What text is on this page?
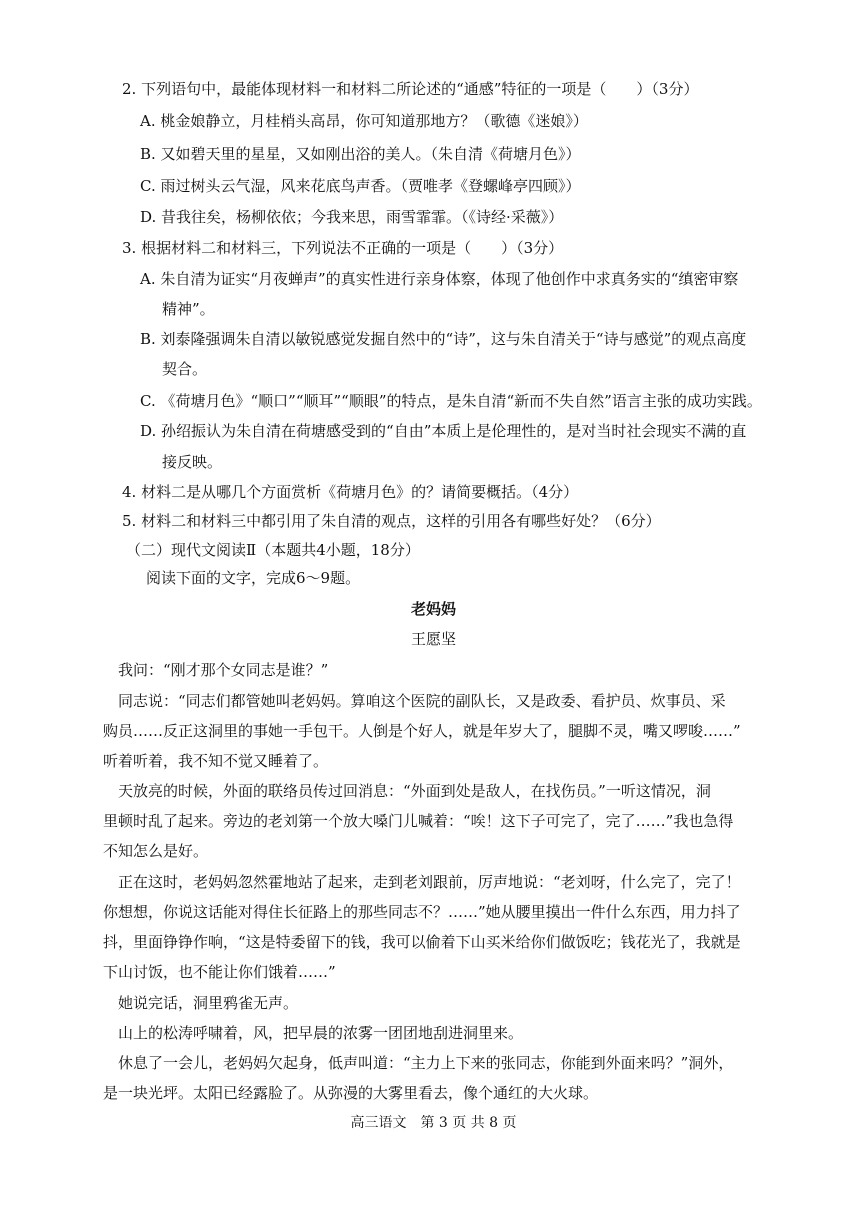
2. 下列语句中，最能体现材料一和材料二所论述的“通感”特征的一项是（　　）（3分）
A. 桃金娘静立，月桂梢头高昂，你可知道那地方？（歌德《迷娘》）
B. 又如碧天里的星星，又如刚出浴的美人。（朱自清《荷塘月色》）
C. 雨过树头云气湿，风来花底鸟声香。（贾唯孝《登螺峰亭四顾》）
D. 昔我往矣，杨柳依依；今我来思，雨雪霏霏。（《诗经·采薇》）
3. 根据材料二和材料三，下列说法不正确的一项是（　　）（3分）
A. 朱自清为证实“月夜蝉声”的真实性进行亲身体察，体现了他创作中求真务实的“缜密审察
精神”。
B. 刘泰隆强调朱自清以敏锐感觉发掘自然中的“诗”，这与朱自清关于“诗与感觉”的观点高度
契合。
C. 《荷塘月色》“顺口”“顺耳”“顺眼”的特点，是朱自清“新而不失自然”语言主张的成功实践。
D. 孙绍振认为朱自清在荷塘感受到的“自由”本质上是伦理性的，是对当时社会现实不满的直
接反映。
4. 材料二是从哪几个方面赏析《荷塘月色》的？请简要概括。（4分）
5. 材料二和材料三中都引用了朱自清的观点，这样的引用各有哪些好处？（6分）
（二）现代文阅读Ⅱ（本题共4小题，18分）
阅读下面的文字，完成6～9题。
老妈妈
王愿坚
我问：“刚才那个女同志是谁？”
同志说：“同志们都管她叫老妈妈。算咱这个医院的副队长，又是政委、看护员、炊事员、采
购员……反正这洞里的事她一手包干。人倒是个好人，就是年岁大了，腿脚不灵，嘴又啰唆……”
听着听着，我不知不觉又睡着了。
天放亮的时候，外面的联络员传过回消息：“外面到处是敌人，在找伤员。”一听这情况，洞
里顿时乱了起来。旁边的老刘第一个放大嗓门儿喊着：“唉！这下子可完了，完了……”我也急得
不知怎么是好。
正在这时，老妈妈忽然霍地站了起来，走到老刘跟前，厉声地说：“老刘呀，什么完了，完了！
你想想，你说这话能对得住长征路上的那些同志不？……”她从腰里摸出一件什么东西，用力抖了
抖，里面铮铮作响，“这是特委留下的钱，我可以偷着下山买米给你们做饭吃；钱花光了，我就是
下山讨饭，也不能让你们饿着……”
她说完话，洞里鸦雀无声。
山上的松涛呼啸着，风，把早晨的浓雾一团团地刮进洞里来。
休息了一会儿，老妈妈欠起身，低声叫道：“主力上下来的张同志，你能到外面来吗？”洞外，
是一块光坪。太阳已经露脸了。从弥漫的大雾里看去，像个通红的大火球。
高三语文　第 3 页 共 8 页
